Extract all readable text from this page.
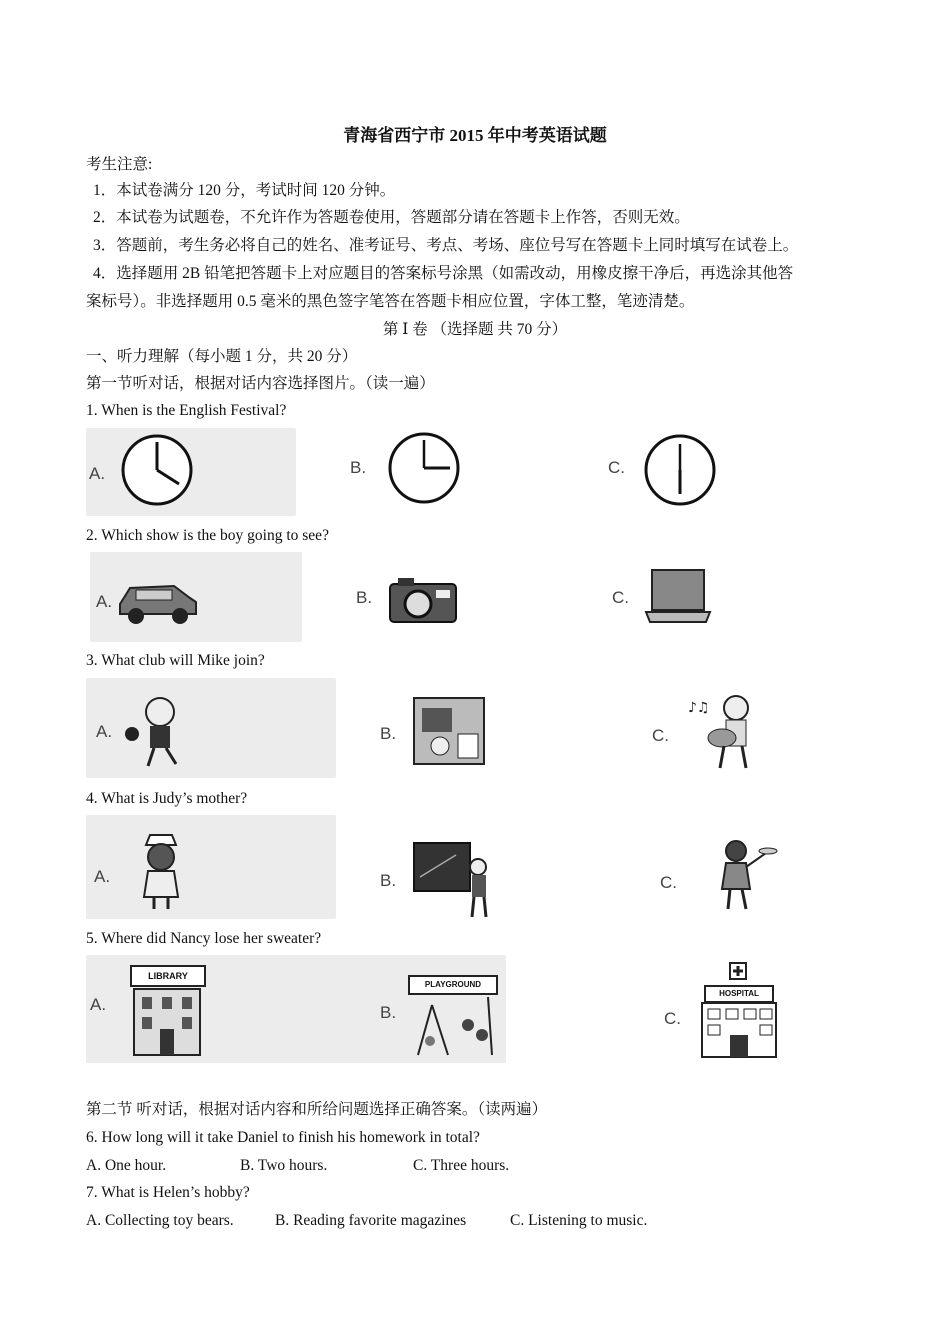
青海省西宁市 2015 年中考英语试题
考生注意:
1．本试卷满分 120 分，考试时间 120 分钟。
2．本试卷为试题卷，不允许作为答题卷使用，答题部分请在答题卡上作答，否则无效。
3．答题前，考生务必将自己的姓名、准考证号、考点、考场、座位号写在答题卡上同时填写在试卷上。
4．选择题用 2B 铅笔把答题卡上对应题目的答案标号涂黑（如需改动，用橡皮擦干净后，再选涂其他答
案标号）。非选择题用 0.5 毫米的黑色签字笔答在答题卡相应位置，字体工整，笔迹清楚。
第 Ⅰ 卷 （选择题 共 70 分）
一、听力理解（每小题 1 分，共 20 分）
第一节听对话，根据对话内容选择图片。（读一遍）
1. When is the English Festival?
A.	B.	C.
2. Which show is the boy going to see?
A.	B.	C.
3. What club will Mike join?
A.	B.	C.
♪♫
4. What is Judy’s mother?
A.	B.	C.
5. Where did Nancy lose her sweater?
A.
LIBRARY
B.
PLAYGROUND
C.
HOSPITAL
第二节 听对话，根据对话内容和所给问题选择正确答案。（读两遍）
6. How long will it take Daniel to finish his homework in total?
A. One hour.	B. Two hours.	C. Three hours.
7. What is Helen’s hobby?
A. Collecting toy bears.	B. Reading favorite magazines	C. Listening to music.
